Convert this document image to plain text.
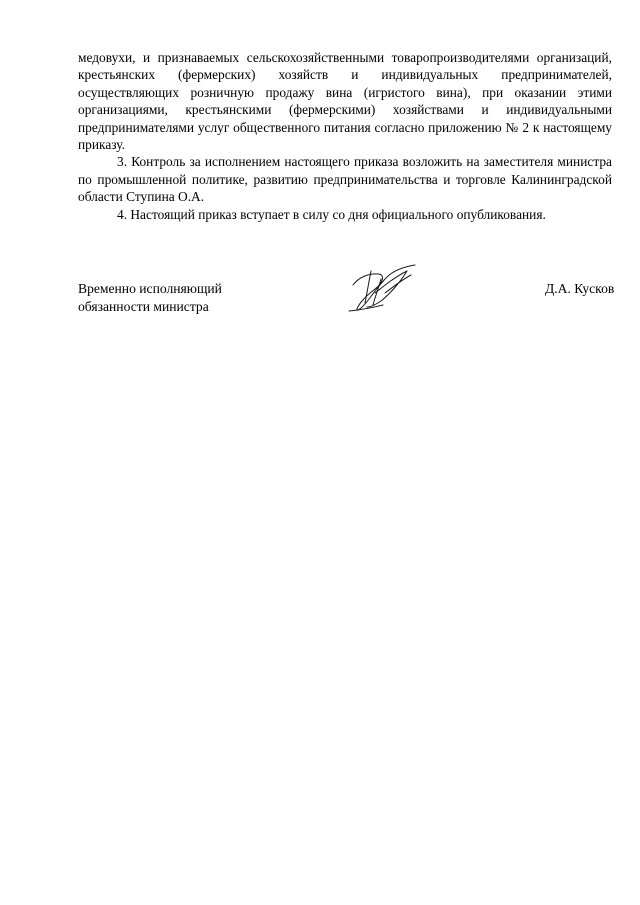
медовухи, и признаваемых сельскохозяйственными товаропроизводителями организаций, крестьянских (фермерских) хозяйств и индивидуальных предпринимателей, осуществляющих розничную продажу вина (игристого вина), при оказании этими организациями, крестьянскими (фермерскими) хозяйствами и индивидуальными предпринимателями услуг общественного питания согласно приложению № 2 к настоящему приказу.

3. Контроль за исполнением настоящего приказа возложить на заместителя министра по промышленной политике, развитию предпринимательства и торговле Калининградской области Ступина О.А.

4. Настоящий приказ вступает в силу со дня официального опубликования.

Временно исполняющий
обязанности министра
Д.А. Кусков
